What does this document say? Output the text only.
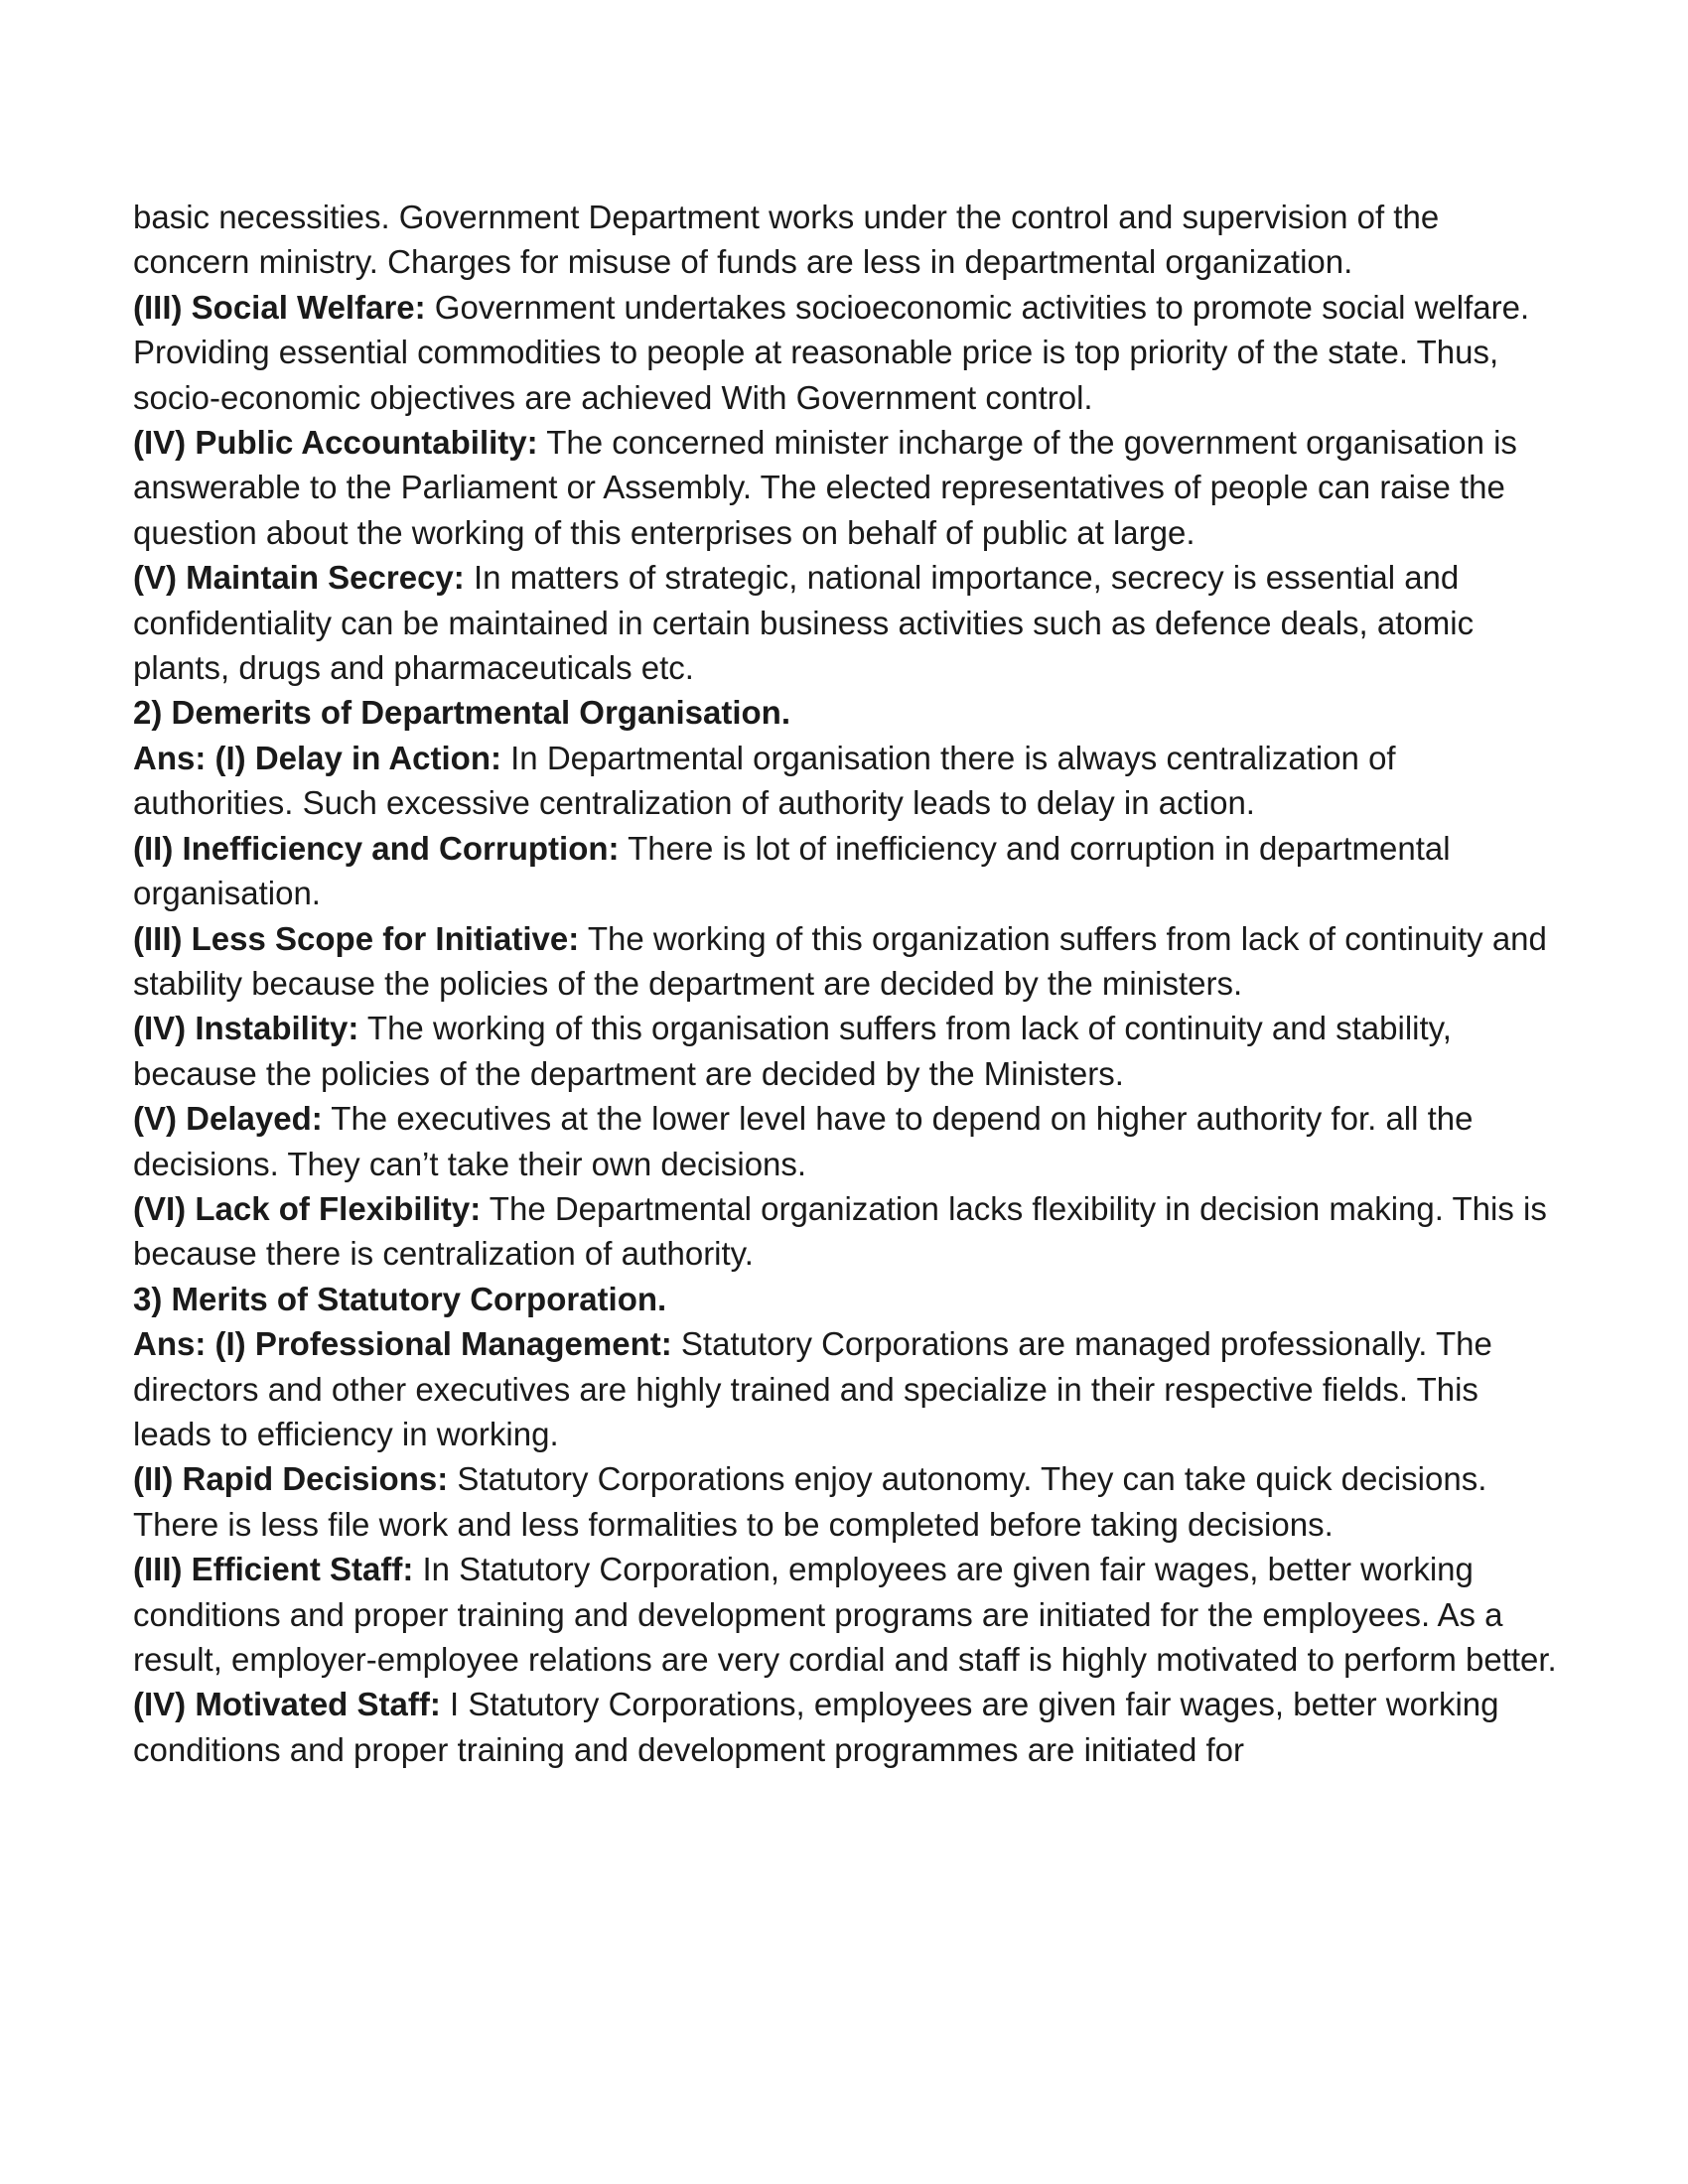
basic necessities. Government Department works under the control and supervision of the concern ministry. Charges for misuse of funds are less in departmental organization.

(III) Social Welfare: Government undertakes socioeconomic activities to promote social welfare. Providing essential commodities to people at reasonable price is top priority of the state. Thus, socio-economic objectives are achieved With Government control.

(IV) Public Accountability: The concerned minister incharge of the government organisation is answerable to the Parliament or Assembly. The elected representatives of people can raise the question about the working of this enterprises on behalf of public at large.

(V) Maintain Secrecy: In matters of strategic, national importance, secrecy is essential and confidentiality can be maintained in certain business activities such as defence deals, atomic plants, drugs and pharmaceuticals etc.

2) Demerits of Departmental Organisation.

Ans: (I) Delay in Action: In Departmental organisation there is always centralization of authorities. Such excessive centralization of authority leads to delay in action.

(II) Inefficiency and Corruption: There is lot of inefficiency and corruption in departmental organisation.

(III) Less Scope for Initiative: The working of this organization suffers from lack of continuity and stability because the policies of the department are decided by the ministers.

(IV) Instability: The working of this organisation suffers from lack of continuity and stability, because the policies of the department are decided by the Ministers.

(V) Delayed: The executives at the lower level have to depend on higher authority for. all the decisions. They can’t take their own decisions.

(VI) Lack of Flexibility: The Departmental organization lacks flexibility in decision making. This is because there is centralization of authority.

3) Merits of Statutory Corporation.

Ans: (I) Professional Management: Statutory Corporations are managed professionally. The directors and other executives are highly trained and specialize in their respective fields. This leads to efficiency in working.

(II) Rapid Decisions: Statutory Corporations enjoy autonomy. They can take quick decisions. There is less file work and less formalities to be completed before taking decisions.

(III) Efficient Staff: In Statutory Corporation, employees are given fair wages, better working conditions and proper training and development programs are initiated for the employees. As a result, employer-employee relations are very cordial and staff is highly motivated to perform better.

(IV) Motivated Staff: I Statutory Corporations, employees are given fair wages, better working conditions and proper training and development programmes are initiated for
